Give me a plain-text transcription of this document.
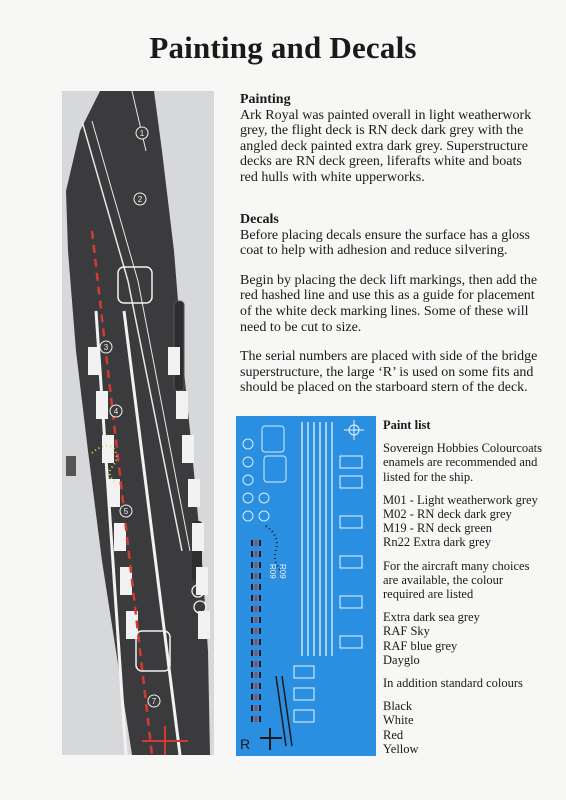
Painting and Decals
1
2
3
4
5
7
Painting

Ark Royal was painted overall in light weatherwork grey, the flight deck is RN deck dark grey with the angled deck painted extra dark grey. Superstructure decks are RN deck green, liferafts white and boats red hulls with white upperworks.

Decals

Before placing decals ensure the surface has a gloss coat to help with adhesion and reduce silvering.

Begin by placing the deck lift markings, then add the red hashed line and use this as a guide for placement of the white deck marking lines. Some of these will need to be cut to size.

The serial numbers are placed with side of the bridge superstructure, the large ‘R’ is used on some fits and should be placed on the starboard stern of the deck.

R09
R09
R
Paint list

Sovereign Hobbies Colourcoats enamels are recommended and listed for the ship.

M01 - Light weatherwork grey

M02 - RN deck dark grey

M19 - RN deck green

Rn22 Extra dark grey

For the aircraft many choices are available, the colour required are listed

Extra dark sea grey

RAF Sky

RAF blue grey

Dayglo

In addition standard colours

Black

White

Red

Yellow
